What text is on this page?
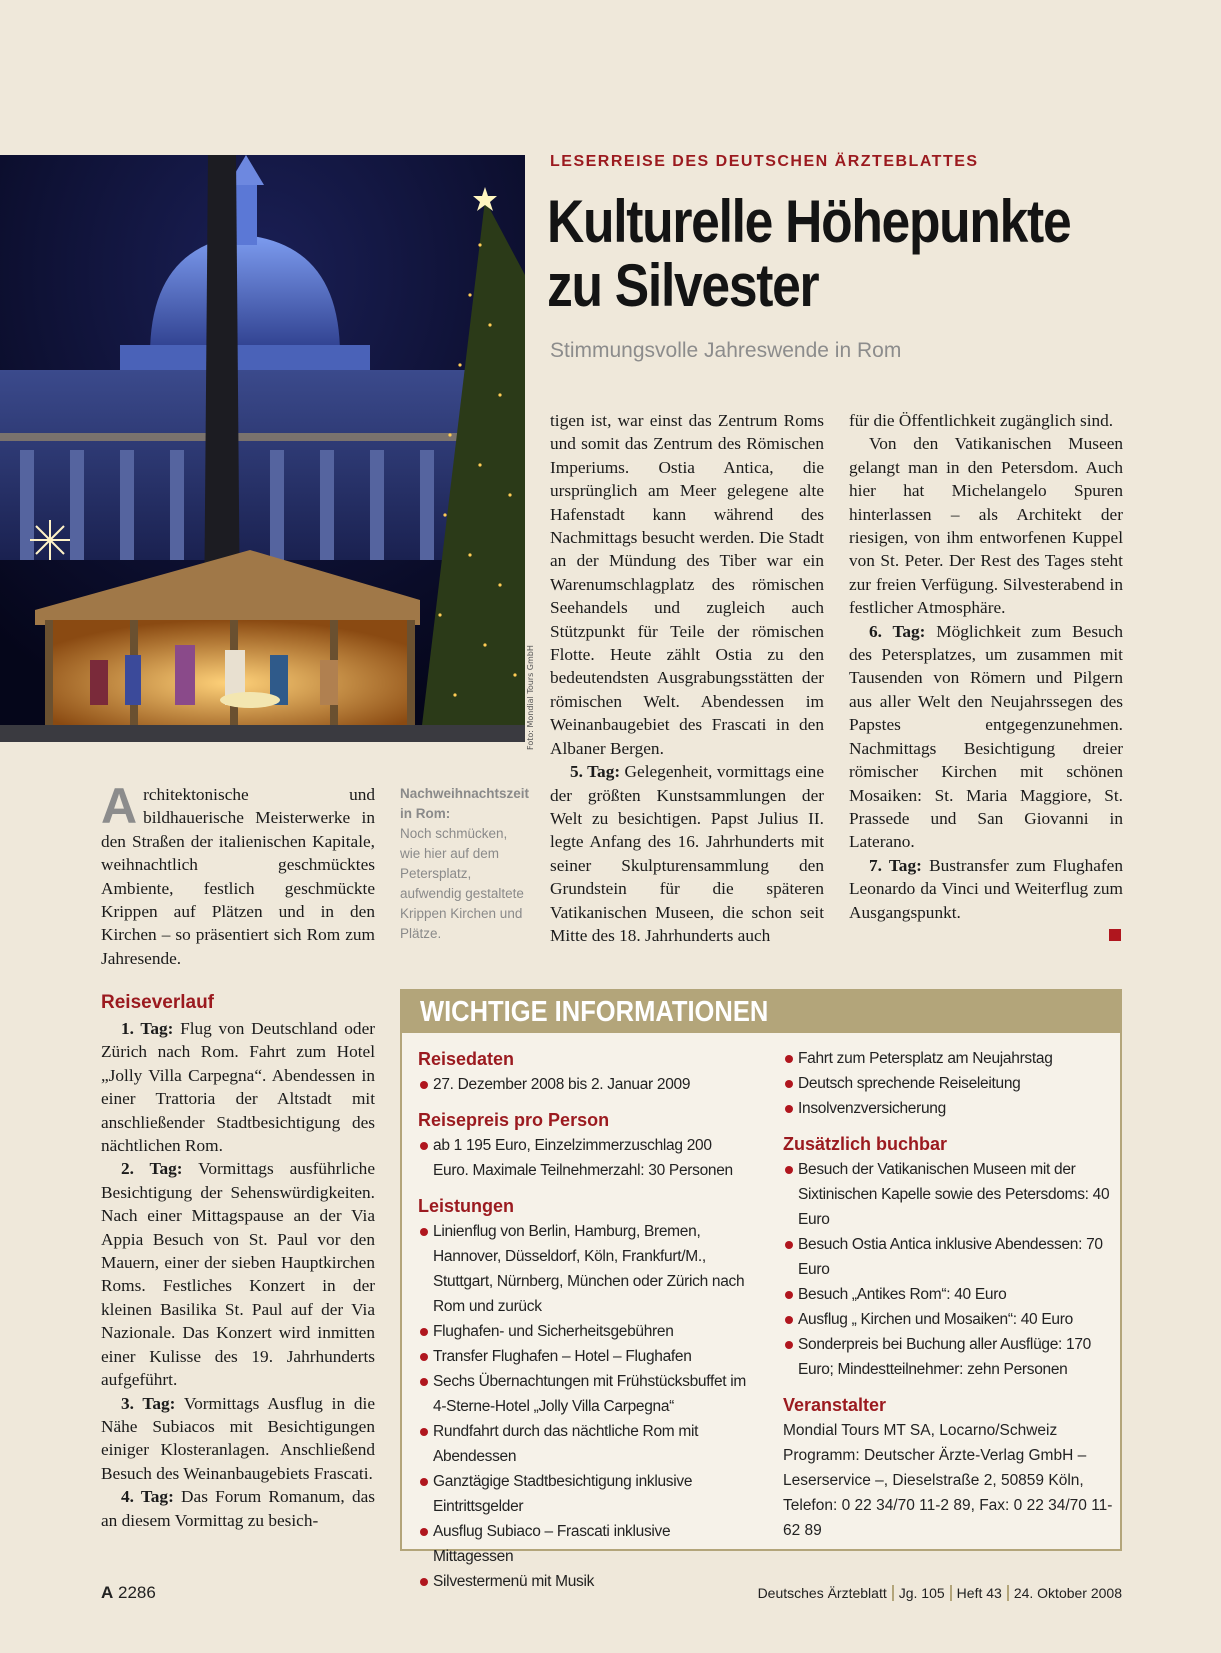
Foto: Mondial Tours GmbH
LESERREISE DES DEUTSCHEN ÄRZTEBLATTES
Kulturelle Höhepunkte
zu Silvester
Stimmungsvolle Jahreswende in Rom

Architektonische und bildhauerische Meisterwerke in den Straßen der italienischen Kapitale, weihnachtlich geschmücktes Ambiente, festlich geschmückte Krippen auf Plätzen und in den Kirchen – so präsentiert sich Rom zum Jahresende.

Nachweihnachtszeit in Rom:
Noch schmücken, wie hier auf dem Petersplatz, aufwendig gestaltete Krippen Kirchen und Plätze.
Reiseverlauf

1. Tag: Flug von Deutschland oder Zürich nach Rom. Fahrt zum Hotel „Jolly Villa Carpegna“. Abendessen in einer Trattoria der Altstadt mit anschließender Stadtbesichtigung des nächtlichen Rom.

2. Tag: Vormittags ausführliche Besichtigung der Sehenswürdigkeiten. Nach einer Mittagspause an der Via Appia Besuch von St. Paul vor den Mauern, einer der sieben Hauptkirchen Roms. Festliches Konzert in der kleinen Basilika St. Paul auf der Via Nazionale. Das Konzert wird inmitten einer Kulisse des 19. Jahrhunderts aufgeführt.

3. Tag: Vormittags Ausflug in die Nähe Subiacos mit Besichtigungen einiger Klosteranlagen. Anschließend Besuch des Weinanbaugebiets Frascati.

4. Tag: Das Forum Romanum, das an diesem Vormittag zu besich-

tigen ist, war einst das Zentrum Roms und somit das Zentrum des Römischen Imperiums. Ostia Antica, die ursprünglich am Meer gelegene alte Hafenstadt kann während des Nachmittags besucht werden. Die Stadt an der Mündung des Tiber war ein Warenumschlagplatz des römischen Seehandels und zugleich auch Stützpunkt für Teile der römischen Flotte. Heute zählt Ostia zu den bedeutendsten Ausgrabungsstätten der römischen Welt. Abendessen im Weinanbaugebiet des Frascati in den Albaner Bergen.

5. Tag: Gelegenheit, vormittags eine der größten Kunstsammlungen der Welt zu besichtigen. Papst Julius II. legte Anfang des 16. Jahrhunderts mit seiner Skulpturensammlung den Grundstein für die späteren Vatikanischen Museen, die schon seit Mitte des 18. Jahrhunderts auch

für die Öffentlichkeit zugänglich sind.

Von den Vatikanischen Museen gelangt man in den Petersdom. Auch hier hat Michelangelo Spuren hinterlassen – als Architekt der riesigen, von ihm entworfenen Kuppel von St. Peter. Der Rest des Tages steht zur freien Verfügung. Silvesterabend in festlicher Atmosphäre.

6. Tag: Möglichkeit zum Besuch des Petersplatzes, um zusammen mit Tausenden von Römern und Pilgern aus aller Welt den Neujahrssegen des Papstes entgegenzunehmen. Nachmittags Besichtigung dreier römischer Kirchen mit schönen Mosaiken: St. Maria Maggiore, St. Prassede und San Giovanni in Laterano.

7. Tag: Bustransfer zum Flughafen Leonardo da Vinci und Weiterflug zum Ausgangspunkt.

WICHTIGE INFORMATIONEN
Reisedaten
27. Dezember 2008 bis 2. Januar 2009
Reisepreis pro Person
ab 1 195 Euro, Einzelzimmerzuschlag 200 Euro. Maximale Teilnehmerzahl: 30 Personen
Leistungen
Linienflug von Berlin, Hamburg, Bremen, Hannover, Düsseldorf, Köln, Frankfurt/M., Stuttgart, Nürnberg, München oder Zürich nach Rom und zurück
Flughafen- und Sicherheitsgebühren
Transfer Flughafen – Hotel – Flughafen
Sechs Übernachtungen mit Frühstücksbuffet im 4-Sterne-Hotel „Jolly Villa Carpegna“
Rundfahrt durch das nächtliche Rom mit Abendessen
Ganztägige Stadtbesichtigung inklusive Eintrittsgelder
Ausflug Subiaco – Frascati inklusive Mittagessen
Silvestermenü mit Musik
Fahrt zum Petersplatz am Neujahrstag
Deutsch sprechende Reiseleitung
Insolvenzversicherung
Zusätzlich buchbar
Besuch der Vatikanischen Museen mit der Sixtinischen Kapelle sowie des Petersdoms: 40 Euro
Besuch Ostia Antica inklusive Abendessen: 70 Euro
Besuch „Antikes Rom“: 40 Euro
Ausflug „ Kirchen und Mosaiken“: 40 Euro
Sonderpreis bei Buchung aller Ausflüge: 170 Euro; Mindestteilnehmer: zehn Personen
Veranstalter

Mondial Tours MT SA, Locarno/Schweiz

Programm: Deutscher Ärzte-Verlag GmbH – Leserservice –, Dieselstraße 2, 50859 Köln, Telefon: 0 22 34/70 11-2 89, Fax: 0 22 34/70 11-62 89

A 2286	Deutsches Ärzteblatt Jg. 105 Heft 43 24. Oktober 2008
